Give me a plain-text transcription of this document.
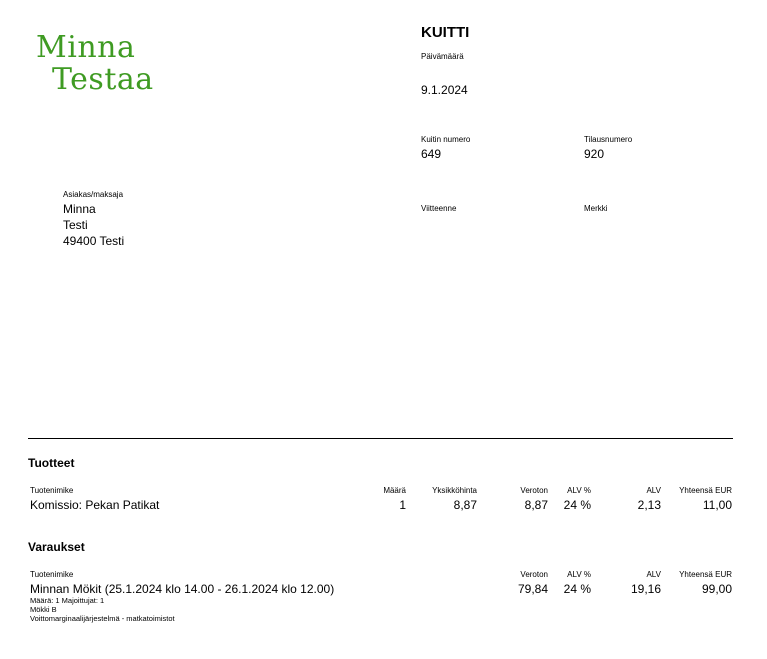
Minna
Testaa
KUITTI
Päivämäärä
9.1.2024
Kuitin numero
649
Tilausnumero
920
Viitteenne	Merkki
Asiakas/maksaja
Minna
Testi
49400 Testi
Tuotteet
Tuotenimike	Määrä	Yksikköhinta	Veroton	ALV %	ALV	Yhteensä EUR
Komissio: Pekan Patikat	1	8,87	8,87	24 %	2,13	11,00
Varaukset
Tuotenimike	Veroton	ALV %	ALV	Yhteensä EUR
Minnan Mökit (25.1.2024 klo 14.00 - 26.1.2024 klo 12.00)	79,84	24 %	19,16	99,00
Määrä: 1 Majoittujat: 1
Mökki B
Voittomarginaalijärjestelmä - matkatoimistot
